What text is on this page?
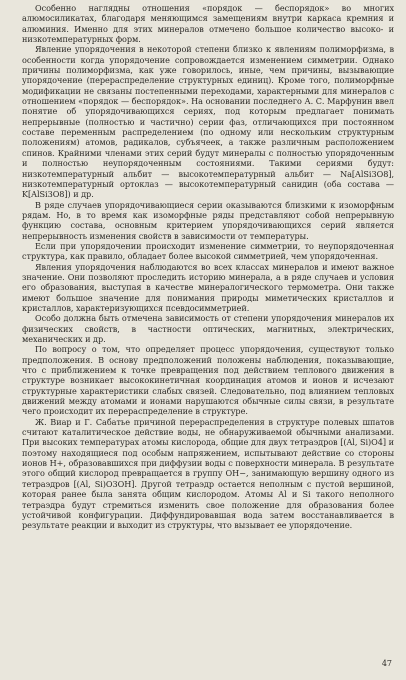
Особенно наглядны отношения «порядок — беспорядок» во многих алюмосиликатах, благодаря меняющимся замещениям внутри каркаса кремния и алюминия. Именно для этих минералов отмечено большое количество высоко- и низкотемпературных форм.

Явление упорядочения в некоторой степени близко к явлениям полиморфизма, в особенности когда упорядочение сопровождается изменением симметрии. Однако причины полиморфизма, как уже говорилось, иные, чем причины, вызывающие упорядочение (перераспределение структурных единиц). Кроме того, полиморфные модификации не связаны постепенными переходами, характерными для минералов с отношением «порядок — беспорядок». На основании последнего А. С. Марфунин ввел понятие об упорядочивающихся сериях, под которым предлагает понимать непрерывные (полностью и частично) серии фаз, отличающихся при постоянном составе переменным распределением (по одному или нескольким структурным положениям) атомов, радикалов, субъячеек, а также различным расположением спинов. Крайними членами этих серий будут минералы с полностью упорядоченным и полностью неупорядоченным состояниями. Такими сериями будут: низкотемпературный альбит — высокотемпературный альбит — Na[AlSi3O8], низкотемпературный ортоклаз — высокотемпературный санидин (оба состава — K[AlSi3O8]) и др.

В ряде случаев упорядочивающиеся серии оказываются близкими к изоморфным рядам. Но, в то время как изоморфные ряды представляют собой непрерывную функцию состава, основным критерием упорядочивающихся серий является непрерывность изменения свойств в зависимости от температуры.

Если при упорядочении происходит изменение симметрии, то неупорядоченная структура, как правило, обладает более высокой симметрией, чем упорядоченная.

Явления упорядочения наблюдаются во всех классах минералов и имеют важное значение. Они позволяют проследить историю минерала, а в ряде случаев и условия его образования, выступая в качестве минералогического термометра. Они также имеют большое значение для понимания природы миметических кристаллов и кристаллов, характеризующихся псевдосимметрией.

Особо должна быть отмечена зависимость от степени упорядочения минералов их физических свойств, в частности оптических, магнитных, электрических, механических и др.

По вопросу о том, что определяет процесс упорядочения, существуют только предположения. В основу предположений положены наблюдения, показывающие, что с приближением к точке превращения под действием теплового движения в структуре возникает высококинетичная координация атомов и ионов и исчезают структурные характеристики слабых связей. Следовательно, под влиянием тепловых движений между атомами и ионами нарушаются обычные силы связи, в результате чего происходит их перераспределение в структуре.

Ж. Виар и Г. Сабатье причиной перераспределения в структуре полевых шпатов считают каталитическое действие воды, не обнаруживаемой обычными анализами. При высоких температурах атомы кислорода, общие для двух тетраэдров [(Al, Si)O4] и поэтому находящиеся под особым напряжением, испытывают действие со стороны ионов H+, образовавшихся при диффузии воды с поверхности минерала. В результате этого общий кислород превращается в группу OH−, занимающую вершину одного из тетраэдров [(Al, Si)O3OH]. Другой тетраэдр остается неполным с пустой вершиной, которая ранее была занята общим кислородом. Атомы Al и Si такого неполного тетраэдра будут стремиться изменить свое положение для образования более устойчивой конфигурации. Диффундировавшая вода затем восстанавливается в результате реакции и выходит из структуры, что вызывает ее упорядочение.

47
